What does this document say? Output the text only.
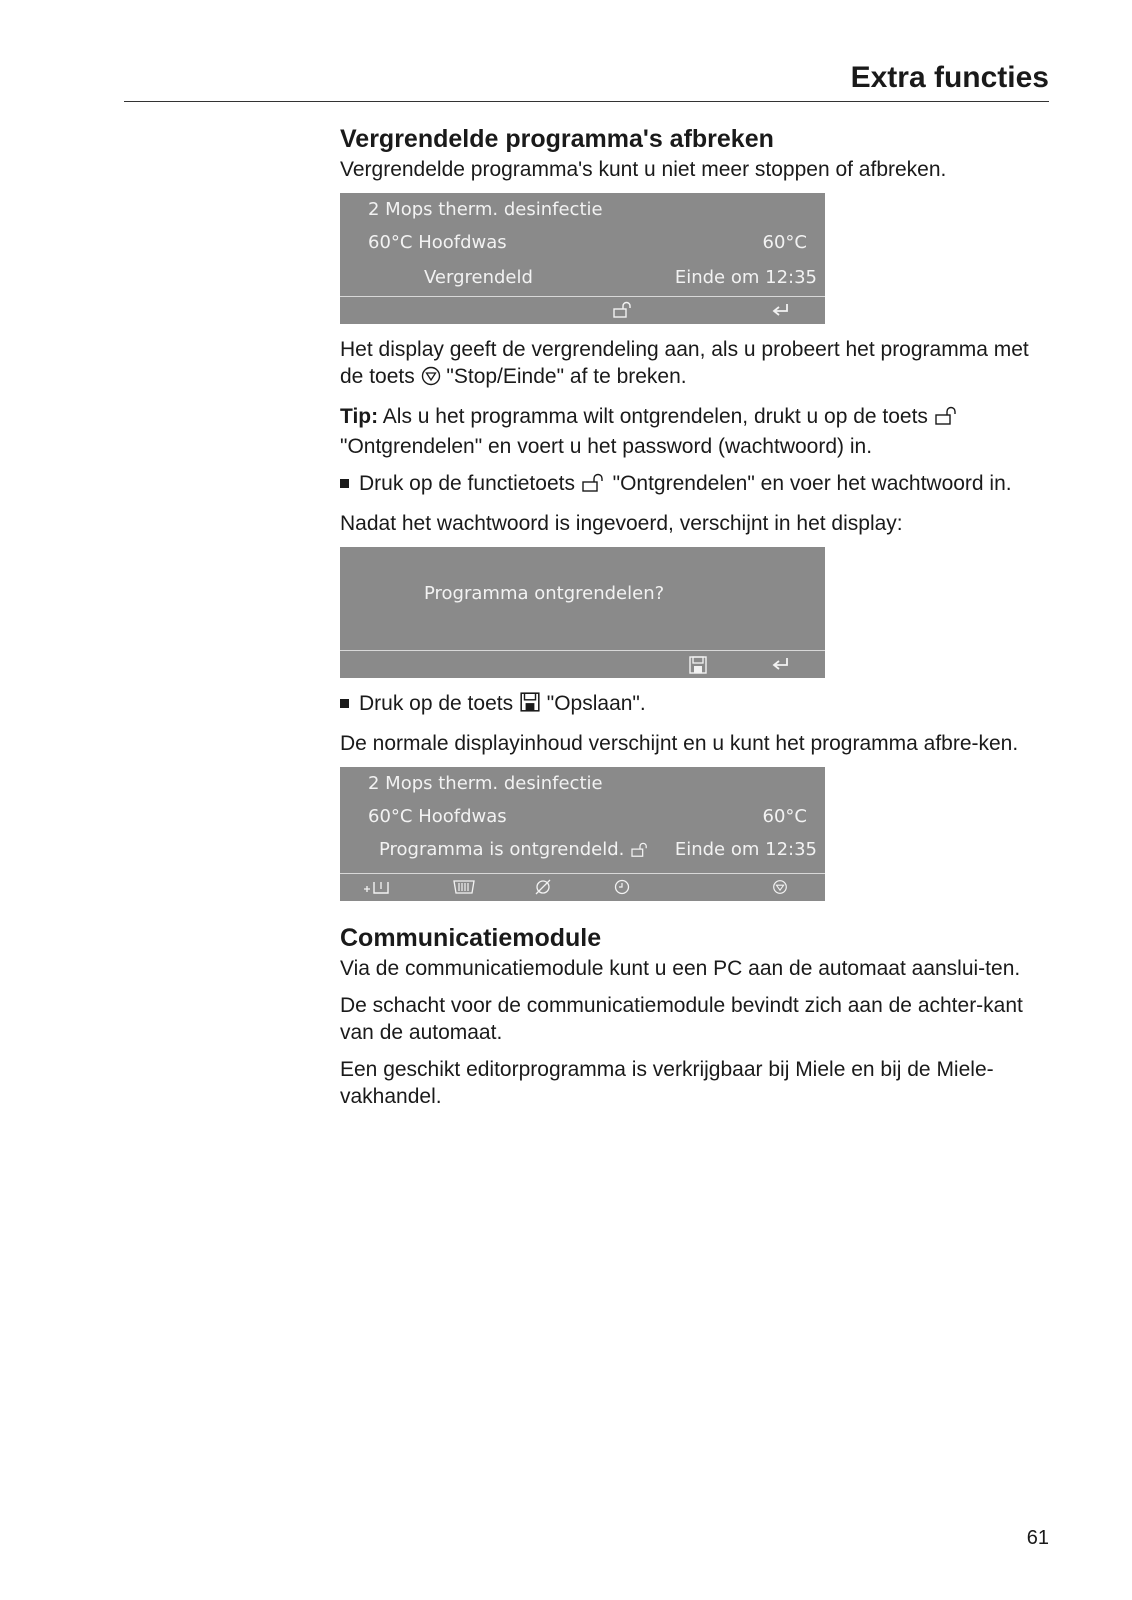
Extra functies
Vergrendelde programma's afbreken

Vergrendelde programma's kunt u niet meer stoppen of afbreken.

2 Mops therm. desinfectie
60°C Hoofdwas	60°C
Vergrendeld	Einde om 12:35

Het display geeft de vergrendeling aan, als u probeert het programma met de toets  "Stop/Einde" af te breken.

Tip: Als u het programma wilt ontgrendelen, drukt u op de toets  "Ontgrendelen" en voert u het password (wachtwoord) in.

Druk op de functietoets  "Ontgrendelen" en voer het wachtwoord in.

Nadat het wachtwoord is ingevoerd, verschijnt in het display:

Programma ontgrendelen?

Druk op de toets  "Opslaan".

De normale displayinhoud verschijnt en u kunt het programma afbre-ken.

2 Mops therm. desinfectie
60°C Hoofdwas	60°C
Programma is ontgrendeld.	Einde om 12:35
Communicatiemodule

Via de communicatiemodule kunt u een PC aan de automaat aanslui-ten.

De schacht voor de communicatiemodule bevindt zich aan de achter-kant van de automaat.

Een geschikt editorprogramma is verkrijgbaar bij Miele en bij de Miele-vakhandel.

61
